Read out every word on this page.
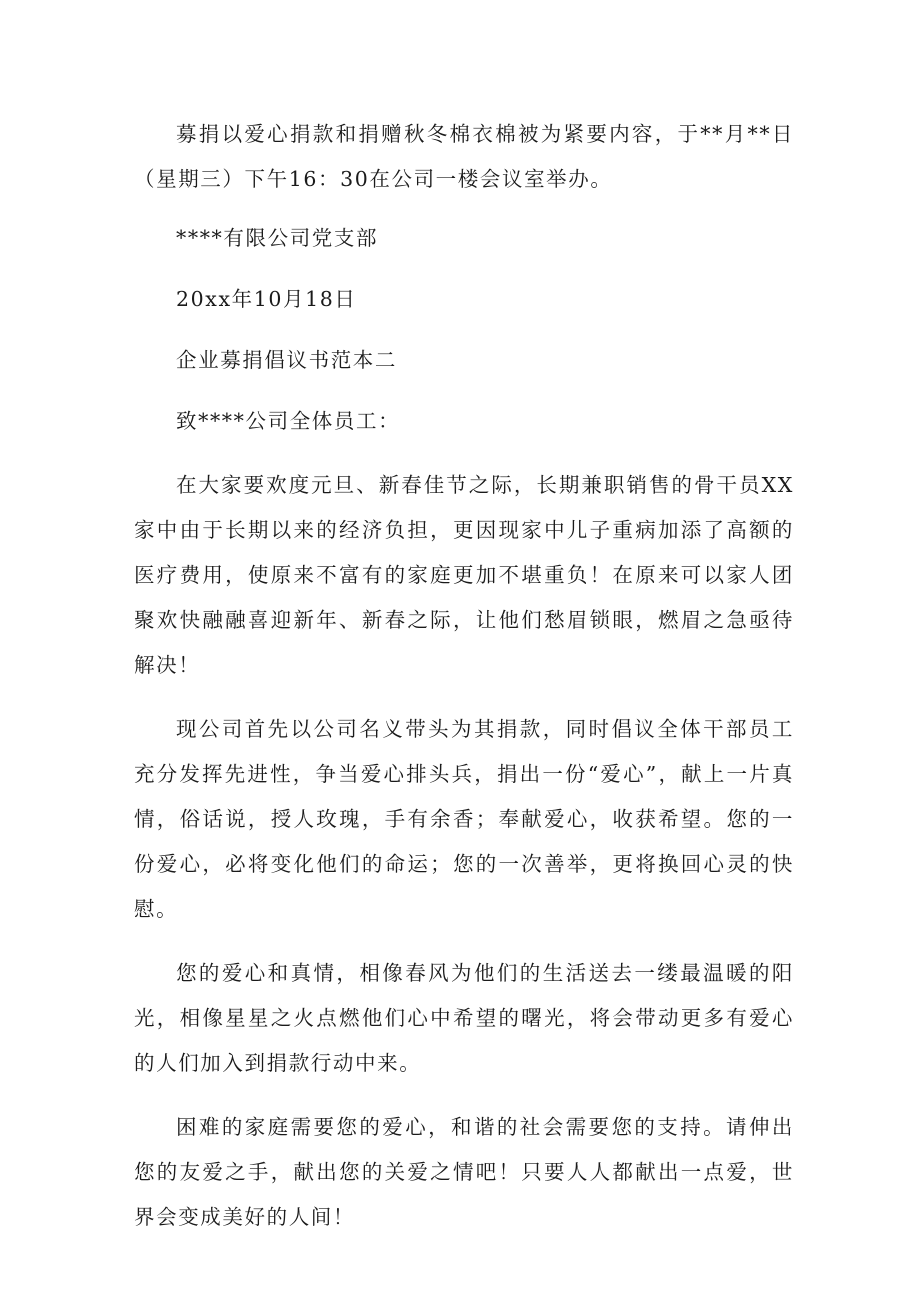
募捐以爱心捐款和捐赠秋冬棉衣棉被为紧要内容，于**月**日（星期三）下午16：30在公司一楼会议室举办。

****有限公司党支部

20xx年10月18日

企业募捐倡议书范本二

致****公司全体员工：

在大家要欢度元旦、新春佳节之际，长期兼职销售的骨干员XX家中由于长期以来的经济负担，更因现家中儿子重病加添了高额的医疗费用，使原来不富有的家庭更加不堪重负！在原来可以家人团聚欢快融融喜迎新年、新春之际，让他们愁眉锁眼，燃眉之急亟待解决！

现公司首先以公司名义带头为其捐款，同时倡议全体干部员工充分发挥先进性，争当爱心排头兵，捐出一份“爱心”，献上一片真情，俗话说，授人玫瑰，手有余香；奉献爱心，收获希望。您的一份爱心，必将变化他们的命运；您的一次善举，更将换回心灵的快慰。

您的爱心和真情，相像春风为他们的生活送去一缕最温暖的阳光，相像星星之火点燃他们心中希望的曙光，将会带动更多有爱心的人们加入到捐款行动中来。

困难的家庭需要您的爱心，和谐的社会需要您的支持。请伸出您的友爱之手，献出您的关爱之情吧！只要人人都献出一点爱，世界会变成美好的人间！
